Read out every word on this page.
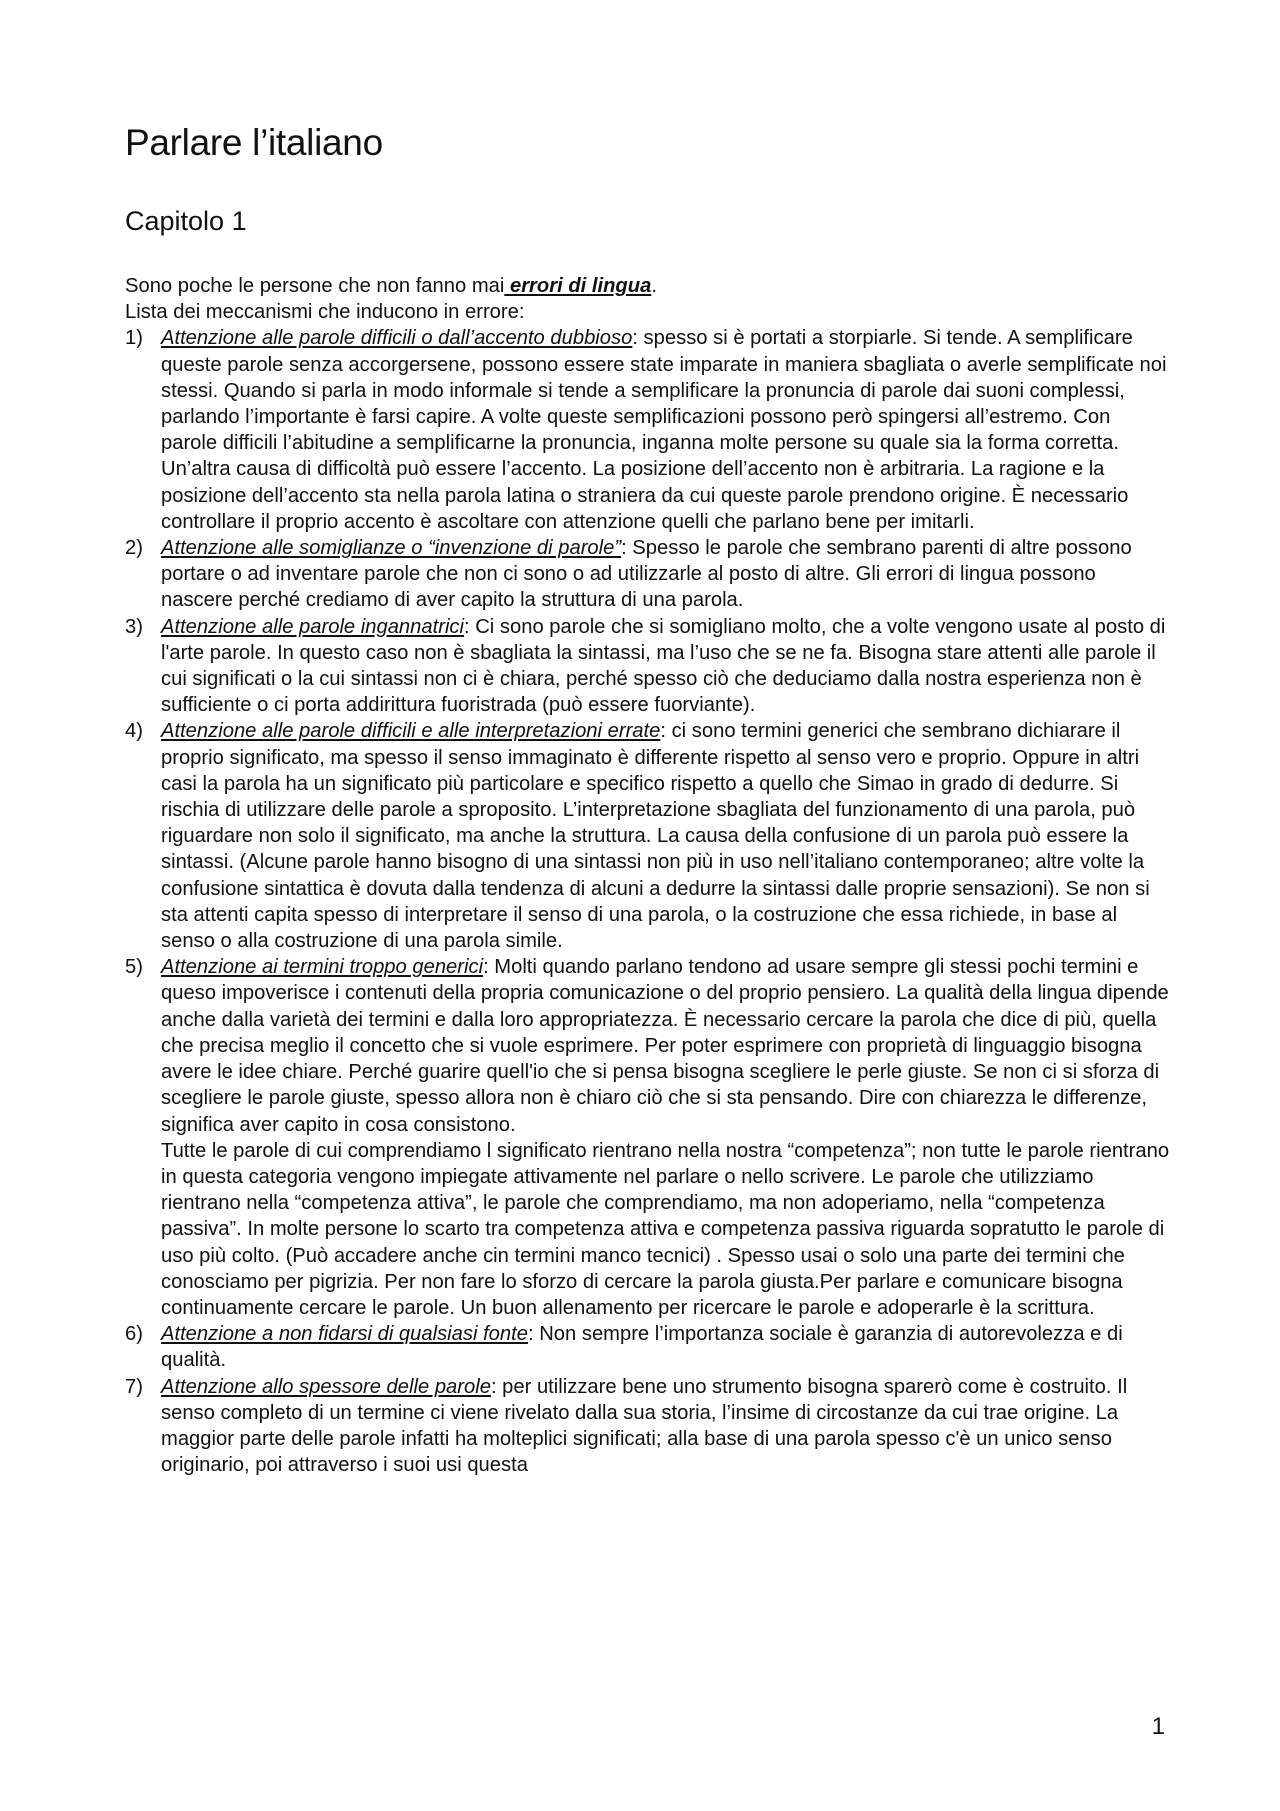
Parlare l’italiano
Capitolo 1

Sono poche le persone che non fanno mai errori di lingua.

Lista dei meccanismi che inducono in errore:

1) Attenzione alle parole difficili o dall’accento dubbioso: spesso si è portati a storpiarle. Si tende. A semplificare queste parole senza accorgersene, possono essere state imparate in maniera sbagliata o averle semplificate noi stessi. Quando si parla in modo informale si tende a semplificare la pronuncia di parole dai suoni complessi, parlando l’importante è farsi capire. A volte queste semplificazioni possono però spingersi all’estremo. Con parole difficili l’abitudine a semplificarne la pronuncia, inganna molte persone su quale sia la forma corretta.
Un’altra causa di difficoltà può essere l’accento. La posizione dell’accento non è arbitraria. La ragione e la posizione dell’accento sta nella parola latina o straniera da cui queste parole prendono origine. È necessario controllare il proprio accento è ascoltare con attenzione quelli che parlano bene per imitarli.
2) Attenzione alle somiglianze o “invenzione di parole”: Spesso le parole che sembrano parenti di altre possono portare o ad inventare parole che non ci sono o ad utilizzarle al posto di altre. Gli errori di lingua possono nascere perché crediamo di aver capito la struttura di una parola.
3) Attenzione alle parole ingannatrici: Ci sono parole che si somigliano molto, che a volte vengono usate al posto di l'arte parole. In questo caso non è sbagliata la sintassi, ma l’uso che se ne fa. Bisogna stare attenti alle parole il cui significati o la cui sintassi non ci è chiara, perché spesso ciò che deduciamo dalla nostra esperienza non è sufficiente o ci porta addirittura fuoristrada (può essere fuorviante).
4) Attenzione alle parole difficili e alle interpretazioni errate: ci sono termini generici che sembrano dichiarare il proprio significato, ma spesso il senso immaginato è differente rispetto al senso vero e proprio. Oppure in altri casi la parola ha un significato più particolare e specifico rispetto a quello che Simao in grado di dedurre. Si rischia di utilizzare delle parole a sproposito. L’interpretazione sbagliata del funzionamento di una parola, può riguardare non solo il significato, ma anche la struttura. La causa della confusione di un parola può essere la sintassi. (Alcune parole hanno bisogno di una sintassi non più in uso nell’italiano contemporaneo; altre volte la confusione sintattica è dovuta dalla tendenza di alcuni a dedurre la sintassi dalle proprie sensazioni). Se non si sta attenti capita spesso di interpretare il senso di una parola, o la costruzione che essa richiede, in base al senso o alla costruzione di una parola simile.
5) Attenzione ai termini troppo generici: Molti quando parlano tendono ad usare sempre gli stessi pochi termini e queso impoverisce i contenuti della propria comunicazione o del proprio pensiero. La qualità della lingua dipende anche dalla varietà dei termini e dalla loro appropriatezza. È necessario cercare la parola che dice di più, quella che precisa meglio il concetto che si vuole esprimere. Per poter esprimere con proprietà di linguaggio bisogna avere le idee chiare. Perché guarire quell'io che si pensa bisogna scegliere le perle giuste. Se non ci si sforza di scegliere le parole giuste, spesso allora non è chiaro ciò che si sta pensando. Dire con chiarezza le differenze, significa aver capito in cosa consistono.
Tutte le parole di cui comprendiamo l significato rientrano nella nostra “competenza”; non tutte le parole rientrano in questa categoria vengono impiegate attivamente nel parlare o nello scrivere. Le parole che utilizziamo rientrano nella “competenza attiva”, le parole che comprendiamo, ma non adoperiamo, nella “competenza passiva”. In molte persone lo scarto tra competenza attiva e competenza passiva riguarda sopratutto le parole di uso più colto. (Può accadere anche cin termini manco tecnici) . Spesso usai o solo una parte dei termini che conosciamo per pigrizia. Per non fare lo sforzo di cercare la parola giusta.Per parlare e comunicare bisogna continuamente cercare le parole. Un buon allenamento per ricercare le parole e adoperarle è la scrittura.
6) Attenzione a non fidarsi di qualsiasi fonte: Non sempre l’importanza sociale è garanzia di autorevolezza e di qualità.
7) Attenzione allo spessore delle parole: per utilizzare bene uno strumento bisogna sparerò come è costruito. Il senso completo di un termine ci viene rivelato dalla sua storia, l’insime di circostanze da cui trae origine. La maggior parte delle parole infatti ha molteplici significati; alla base di una parola spesso c'è un unico senso originario, poi attraverso i suoi usi questa
1
